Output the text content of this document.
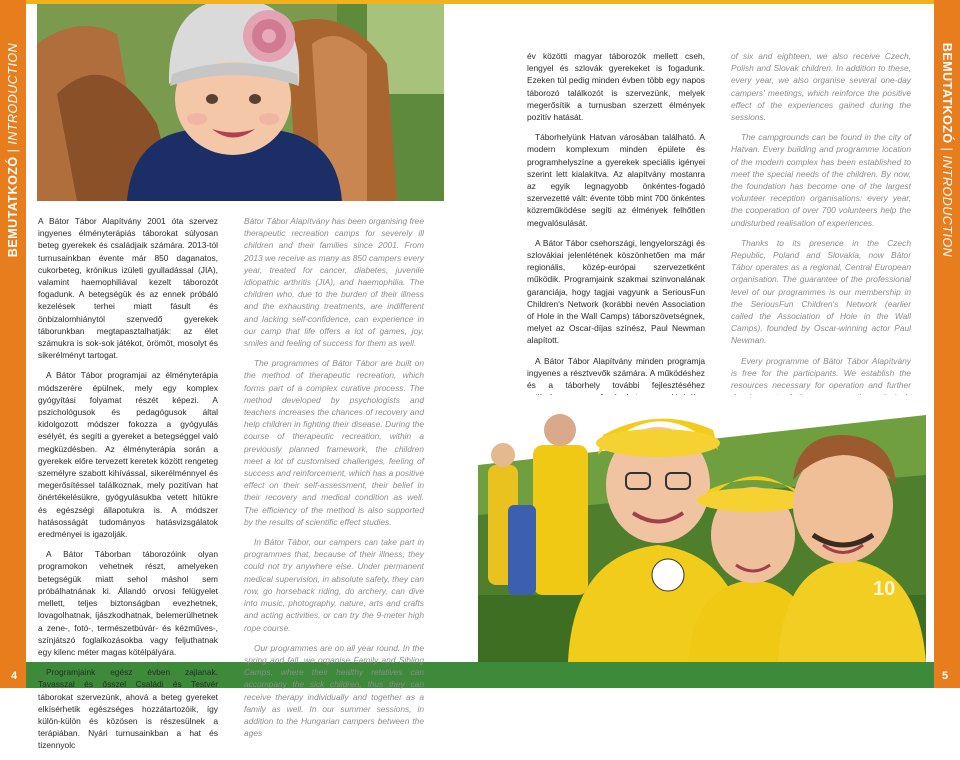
BEMUTATKOZÓ | INTRODUCTION	BEMUTATKOZÓ | INTRODUCTION
4	5

A Bátor Tábor Alapítvány 2001 óta szervez ingyenes élményterápiás táborokat súlyosan beteg gyerekek és családjaik számára. 2013-tól turnusainkban évente már 850 daganatos, cukorbeteg, krónikus izületi gyulladással (JIA), valamint haemophiliával kezelt táborozót fogadunk. A betegségük és az ennek próbáló kezelések terhei miatt fásult és önbizalomhiánytól szenvedő gyerekek táborunkban megtapasztalhatják: az élet számukra is sok-sok játékot, örömöt, mosolyt és sikerélményt tartogat.

A Bátor Tábor programjai az élményterápia módszerére épülnek, mely egy komplex gyógyítási folyamat részét képezi. A pszichológusok és pedagógusok által kidolgozott módszer fokozza a gyógyulás esélyét, és segíti a gyereket a betegséggel való megküzdésben. Az élményterápia során a gyerekek előre tervezett keretek között rengeteg személyre szabott kihívással, sikerélménnyel és megerősítéssel találkoznak, mely pozitívan hat önértékelésükre, gyógyulásukba vetett hitükre és egészségi állapotukra is. A módszer hatásosságát tudományos hatásvizsgálatok eredményei is igazolják.

A Bátor Táborban táborozóink olyan programokon vehetnek részt, amelyeken betegségük miatt sehol máshol sem próbálhatnának ki. Állandó orvosi felügyelet mellett, teljes biztonságban evezhetnek, lovagolhatnak, íjászkodhatnak, belemerülhetnek a zene-, fotó-, természetbúvár- és kézműves-, színjátszó foglalkozásokba vagy feljuthatnak egy kilenc méter magas kötélpályára.

Programjaink egész évben zajlanak. Tavasszal és ősszel Családi és Testvér táborokat szervezünk, ahová a beteg gyereket elkísérhetik egészséges hozzátartozóik, így külön-külön és közösen is részesülnek a terápiában. Nyári turnusainkban a hat és tizennyolc

Bátor Tábor Alapítvány has been organising free therapeutic recreation camps for severely ill children and their families since 2001. From 2013 we receive as many as 850 campers every year, treated for cancer, diabetes, juvenile idiopathic arthritis (JIA), and haemophilia. The children who, due to the burden of their illness and the exhausting treatments, are indifferent and lacking self-confidence, can experience in our camp that life offers a lot of games, joy, smiles and feeling of success for them as well.

The programmes of Bátor Tábor are built on the method of therapeutic recreation, which forms part of a complex curative process. The method developed by psychologists and teachers increases the chances of recovery and help children in fighting their disease. During the course of therapeutic recreation, within a previously planned framework, the children meet a lot of customised challenges, feeling of success and reinforcement, which has a positive effect on their self-assessment, their belief in their recovery and medical condition as well. The efficiency of the method is also supported by the results of scientific effect studies.

In Bátor Tábor, our campers can take part in programmes that, because of their illness, they could not try anywhere else. Under permanent medical supervision, in absolute safety, they can row, go horseback riding, do archery, can dive into music, photography, nature, arts and crafts and acting activities, or can try the 9-meter high rope course.

Our programmes are on all year round. In the spring and fall, we organise Family and Sibling Camps, where their healthy relatives can accompany the sick children, thus they can receive therapy individually and together as a family as well. In our summer sessions, in addition to the Hungarian campers between the ages

év közötti magyar táborozók mellett cseh, lengyel és szlovák gyerekeket is fogadunk. Ezeken túl pedig minden évben több egy napos táborozó találkozót is szervezünk, melyek megerősítik a turnusban szerzett élmények pozitív hatását.

Táborhelyünk Hatvan városában található. A modern komplexum minden épülete és programhelyszíne a gyerekek speciális igényei szerint lett kialakítva. Az alapítvány mostanra az egyik legnagyobb önkéntes-fogadó szervezetté vált: évente több mint 700 önkéntes közreműködése segíti az élmények felhőtlen megvalósulását.

A Bátor Tábor csehországi, lengyelországi és szlovákiai jelenlétének köszönhetően ma már regionális, közép-európai szervezetként működik. Programjaink szakmai színvonalának garanciája, hogy tagjai vagyunk a SeriousFun Children's Network (korábbi nevén Association of Hole in the Wall Camps) táborszövetségnek, melyet az Oscar-díjas színész, Paul Newman alapított.

A Bátor Tábor Alapítvány minden programja ingyenes a résztvevők számára. A működéshez és a táborhely további fejlesztéséhez

of six and eighteen, we also receive Czech, Polish and Slovak children. In addition to these, every year, we also organise several one-day campers' meetings, which reinforce the positive effect of the experiences gained during the sessions.

The campgrounds can be found in the city of Hatvan. Every building and programme location of the modern complex has been established to meet the special needs of the children. By now, the foundation has become one of the largest volunteer reception organisations: every year, the cooperation of over 700 volunteers help the undisturbed realisation of experiences.

Thanks to its presence in the Czech Republic, Poland and Slovakia, now Bátor Tábor operates as a regional, Central European organisation. The guarantee of the professional level of our programmes is our membership in the SeriousFun Children's Network (earlier called the Association of Hole in the Wall Camps), founded by Oscar-winning actor Paul Newman.

Every programme of Bátor Tábor Alapítvány is free for the participants. We establish the resources necessary for operation and further

10
